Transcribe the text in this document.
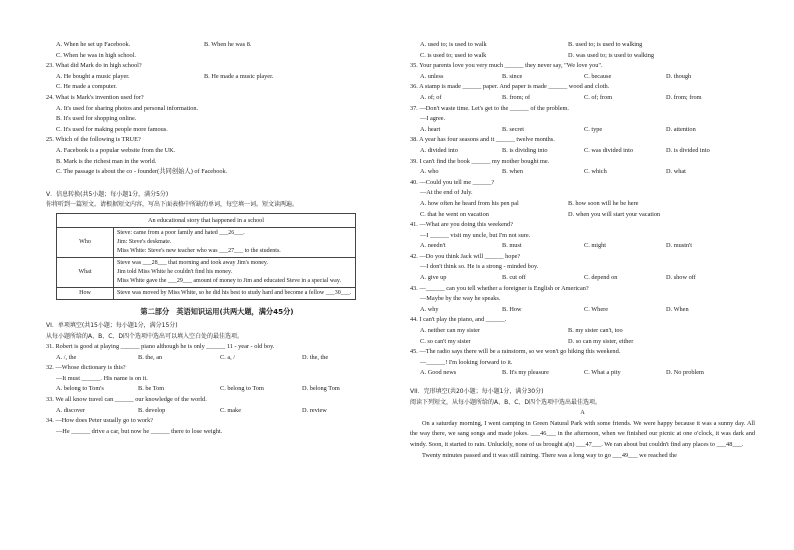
A. When he set up Facebook.	B. When he was 8.
C. When he was in high school.
23. What did Mark do in high school?
A. He bought a music player.	B. He made a music player.
C. He made a computer.
24. What is Mark's invention used for?
A. It's used for sharing photos and personal information.
B. It's used for shopping online.
C. It's used for making people more famous.
25. Which of the following is TRUE?
A. Facebook is a popular website from the UK.
B. Mark is the richest man in the world.
C. The passage is about the co - founder(共同创始人) of Facebook.
V．信息转换(共5小题；每小题1分，满分5分)
你将听到一篇短文。请根据短文内容，写出下面表格中所缺的单词，每空填一词。短文读两遍。
An educational story that happened in a school
Who	Steve: came from a poor family and hated ___26___.
Jim: Steve's deskmate.
Miss White: Steve's new teacher who was ___27___ to the students.

What	Steve was ___28___ that morning and took away Jim's money.
Jim told Miss White he couldn't find his money.
Miss White gave the ___29___ amount of money to Jim and educated Steve in a special way.

How	Steve was moved by Miss White, so he did his best to study hard and become a fellow ___30___.
第二部分　英语知识运用(共两大题，满分45分)
VI．单项填空(共15小题；每小题1分，满分15分)
从每小题所给的A、B、C、D四个选项中选出可以填入空白处的最佳选项。
31. Robert is good at playing ______ piano although he is only ______ 11 - year - old boy.
A. /, the	B. the, an	C. a, /	D. the, the
32. —Whose dictionary is this?
—It must ______. His name is on it.
A. belong to Tom's	B. be Tom	C. belong to Tom	D. belong Tom
33. We all know travel can ______ our knowledge of the world.
A. discover	B. develop	C. make	D. review
34. —How does Peter usually go to work?
—He ______ drive a car, but now he ______ there to lose weight.
A. used to; is used to walk	B. used to; is used to walking
C. is used to; used to walk	D. was used to; is used to walking
35. Your parents love you very much ______ they never say, "We love you".
A. unless	B. since	C. because	D. though
36. A stamp is made ______ paper. And paper is made ______ wood and cloth.
A. of; of	B. from; of	C. of; from	D. from; from
37. —Don't waste time. Let's get to the ______ of the problem.
—I agree.
A. heart	B. secret	C. type	D. attention
38. A year has four seasons and it ______ twelve months.
A. divided into	B. is dividing into	C. was divided into	D. is divided into
39. I can't find the book ______ my mother bought me.
A. who	B. when	C. which	D. what
40. —Could you tell me ______?
—At the end of July.
A. how often he heard from his pen pal	B. how soon will he be here
C. that he went on vacation	D. when you will start your vacation
41. —What are you doing this weekend?
—I ______ visit my uncle, but I'm not sure.
A. needn't	B. must	C. might	D. mustn't
42. —Do you think Jack will ______ hope?
—I don't think so. He is a strong - minded boy.
A. give up	B. cut off	C. depend on	D. show off
43. —______ can you tell whether a foreigner is English or American?
—Maybe by the way he speaks.
A. why	B. How	C. Where	D. When
44. I can't play the piano, and ______.
A. neither can my sister	B. my sister can't, too
C. so can't my sister	D. so can my sister, either
45. —The radio says there will be a rainstorm, so we won't go hiking this weekend.
—______! I'm looking forward to it.
A. Good news	B. It's my pleasure	C. What a pity	D. No problem
VII．完形填空(共20小题；每小题1分，满分30分)
阅读下列短文，从每小题所给的A、B、C、D四个选项中选出最佳选项。
A
On a saturday morning, I went camping in Green Natural Park with some friends. We were happy because it was a sunny day. All the way there, we sang songs and made jokes. ___46___ in the afternoon, when we finished our picnic at one o'clock, it was dark and windy. Soon, it started to rain. Unluckily, none of us brought a(n) ___47___. We ran about but couldn't find any places to ___48___.
Twenty minutes passed and it was still raining. There was a long way to go ___49___ we reached the
